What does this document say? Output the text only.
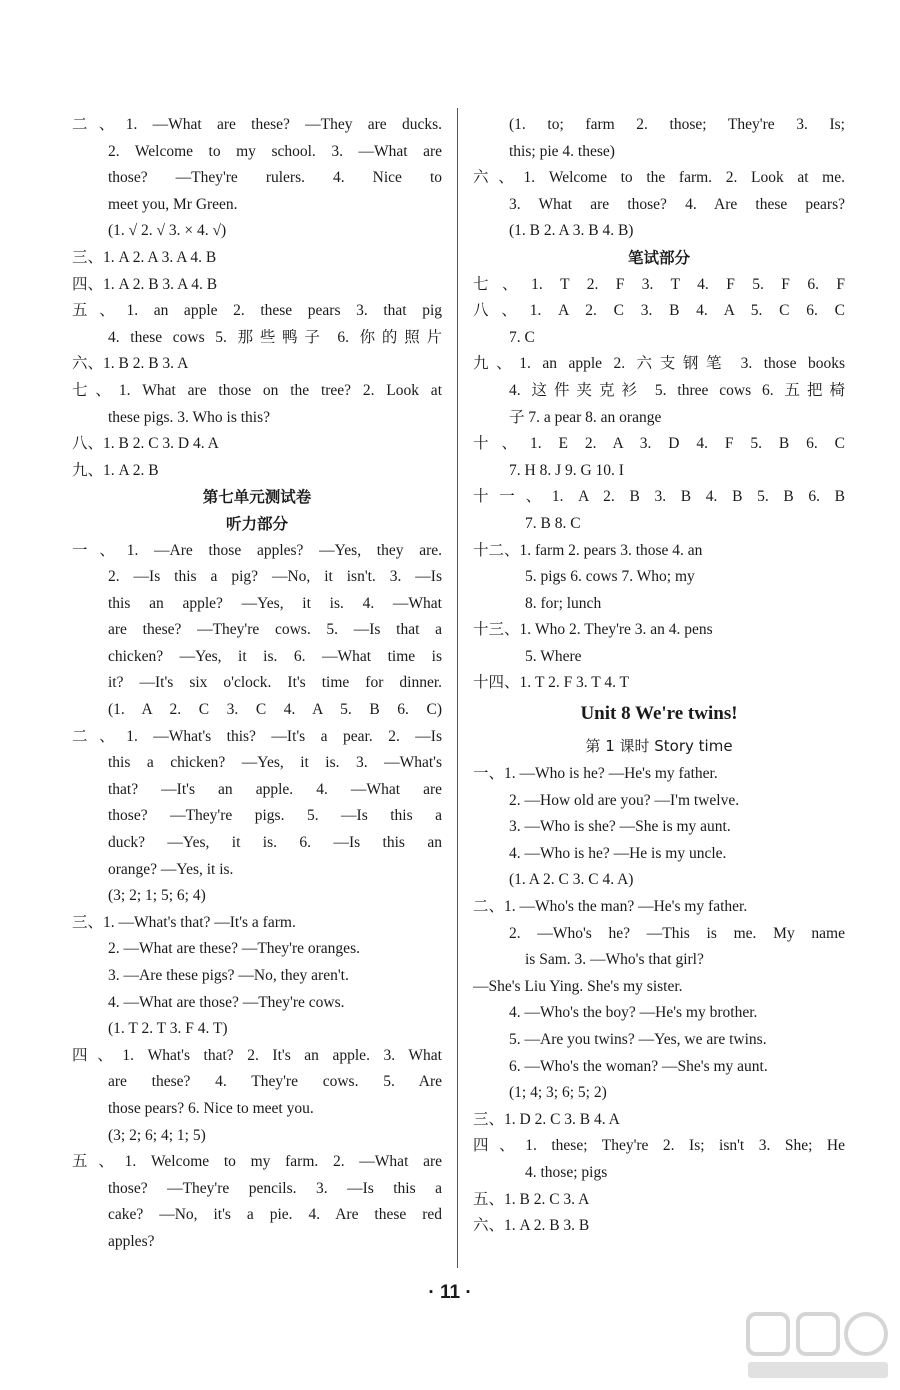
二、1. —What are these? —They are ducks.
2. Welcome to my school. 3. —What are
those? —They're rulers. 4. Nice to
meet you, Mr Green.
(1. √ 2. √ 3. × 4. √)
三、1. A 2. A 3. A 4. B
四、1. A 2. B 3. A 4. B
五、1. an apple 2. these pears 3. that pig
4. these cows 5. 那些鸭子 6. 你的照片
六、1. B 2. B 3. A
七、1. What are those on the tree? 2. Look at
these pigs. 3. Who is this?
八、1. B 2. C 3. D 4. A
九、1. A 2. B
第七单元测试卷
听力部分
一、1. —Are those apples? —Yes, they are.
2. —Is this a pig? —No, it isn't. 3. —Is
this an apple? —Yes, it is. 4. —What
are these? —They're cows. 5. —Is that a
chicken? —Yes, it is. 6. —What time is
it? —It's six o'clock. It's time for dinner.
(1. A 2. C 3. C 4. A 5. B 6. C)
二、1. —What's this? —It's a pear. 2. —Is
this a chicken? —Yes, it is. 3. —What's
that? —It's an apple. 4. —What are
those? —They're pigs. 5. —Is this a
duck? —Yes, it is. 6. —Is this an
orange? —Yes, it is.
(3; 2; 1; 5; 6; 4)
三、1. —What's that? —It's a farm.
2. —What are these? —They're oranges.
3. —Are these pigs? —No, they aren't.
4. —What are those? —They're cows.
(1. T 2. T 3. F 4. T)
四、1. What's that? 2. It's an apple. 3. What
are these? 4. They're cows. 5. Are
those pears? 6. Nice to meet you.
(3; 2; 6; 4; 1; 5)
五、1. Welcome to my farm. 2. —What are
those? —They're pencils. 3. —Is this a
cake? —No, it's a pie. 4. Are these red
apples?
(1. to; farm 2. those; They're 3. Is;
this; pie 4. these)
六、1. Welcome to the farm. 2. Look at me.
3. What are those? 4. Are these pears?
(1. B 2. A 3. B 4. B)
笔试部分
七、1. T 2. F 3. T 4. F 5. F 6. F
八、1. A 2. C 3. B 4. A 5. C 6. C
7. C
九、1. an apple 2. 六支钢笔 3. those books
4. 这件夹克衫 5. three cows 6. 五把椅
子 7. a pear 8. an orange
十、1. E 2. A 3. D 4. F 5. B 6. C
7. H 8. J 9. G 10. I
十一、1. A 2. B 3. B 4. B 5. B 6. B
7. B 8. C
十二、1. farm 2. pears 3. those 4. an
5. pigs 6. cows 7. Who; my
8. for; lunch
十三、1. Who 2. They're 3. an 4. pens
5. Where
十四、1. T 2. F 3. T 4. T
Unit 8 We're twins!
第 1 课时 Story time
一、1. —Who is he? —He's my father.
2. —How old are you? —I'm twelve.
3. —Who is she? —She is my aunt.
4. —Who is he? —He is my uncle.
(1. A 2. C 3. C 4. A)
二、1. —Who's the man? —He's my father.
2. —Who's he? —This is me. My name
is Sam. 3. —Who's that girl?
—She's Liu Ying. She's my sister.
4. —Who's the boy? —He's my brother.
5. —Are you twins? —Yes, we are twins.
6. —Who's the woman? —She's my aunt.
(1; 4; 3; 6; 5; 2)
三、1. D 2. C 3. B 4. A
四、1. these; They're 2. Is; isn't 3. She; He
4. those; pigs
五、1. B 2. C 3. A
六、1. A 2. B 3. B
· 11 ·
